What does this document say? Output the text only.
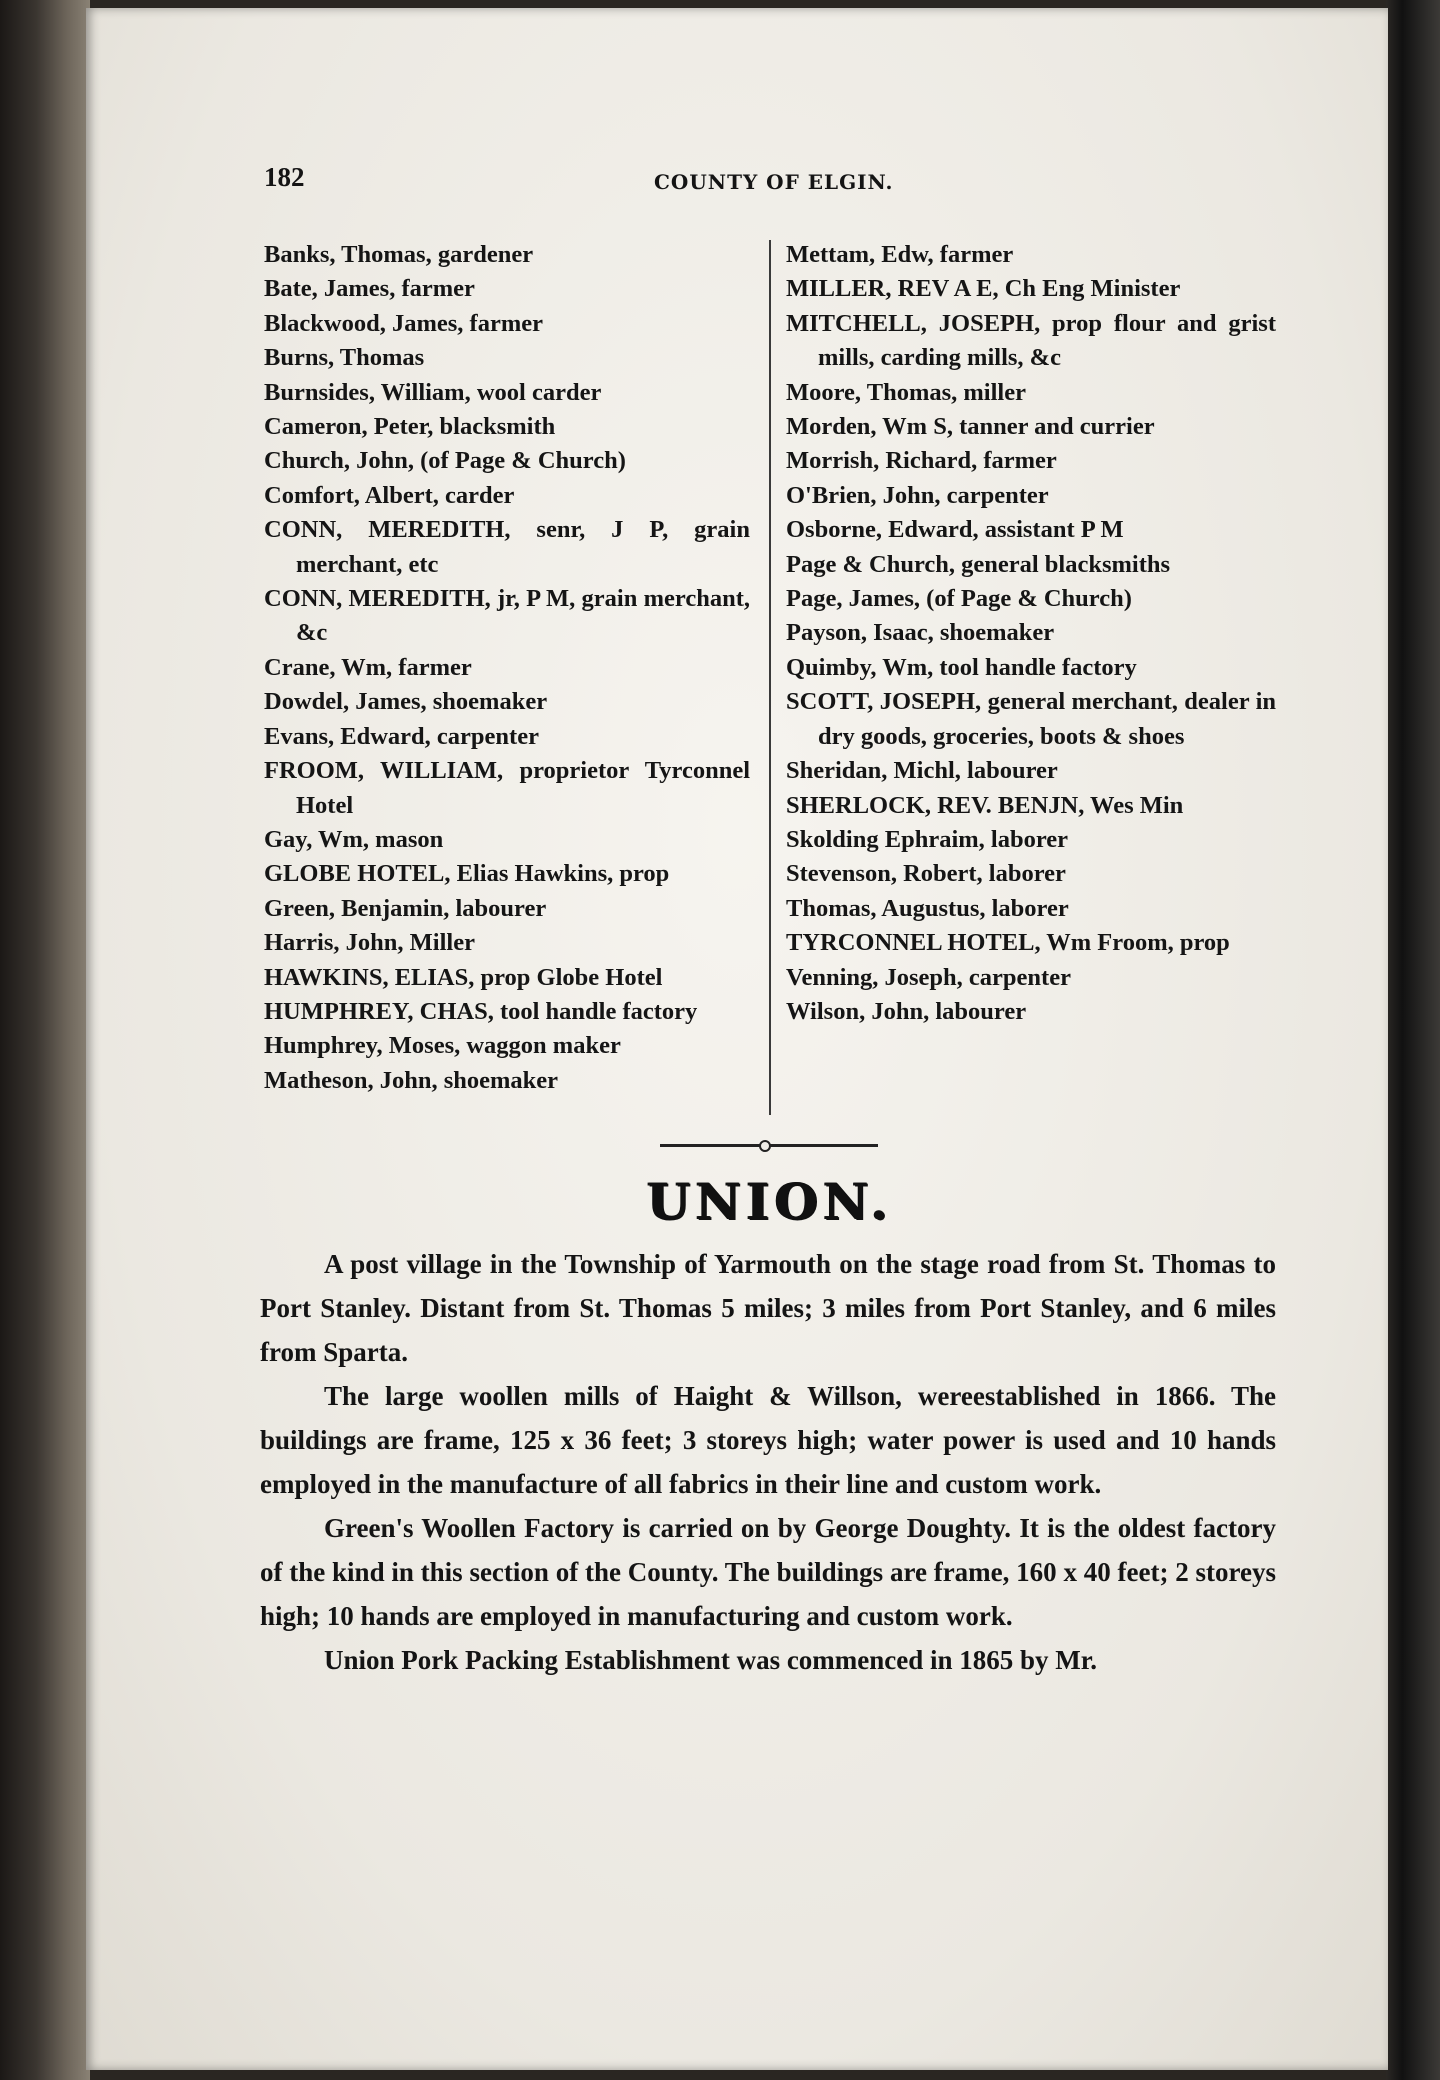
182	COUNTY OF ELGIN.

Banks, Thomas, gardener

Bate, James, farmer

Blackwood, James, farmer

Burns, Thomas

Burnsides, William, wool carder

Cameron, Peter, blacksmith

Church, John, (of Page & Church)

Comfort, Albert, carder

CONN, MEREDITH, senr, J P, grain merchant, etc

CONN, MEREDITH, jr, P M, grain merchant, &c

Crane, Wm, farmer

Dowdel, James, shoemaker

Evans, Edward, carpenter

FROOM, WILLIAM, proprietor Tyrconnel Hotel

Gay, Wm, mason

GLOBE HOTEL, Elias Hawkins, prop

Green, Benjamin, labourer

Harris, John, Miller

HAWKINS, ELIAS, prop Globe Hotel

HUMPHREY, CHAS, tool handle factory

Humphrey, Moses, waggon maker

Matheson, John, shoemaker

Mettam, Edw, farmer

MILLER, REV A E, Ch Eng Minister

MITCHELL, JOSEPH, prop flour and grist mills, carding mills, &c

Moore, Thomas, miller

Morden, Wm S, tanner and currier

Morrish, Richard, farmer

O'Brien, John, carpenter

Osborne, Edward, assistant P M

Page & Church, general blacksmiths

Page, James, (of Page & Church)

Payson, Isaac, shoemaker

Quimby, Wm, tool handle factory

SCOTT, JOSEPH, general merchant, dealer in dry goods, groceries, boots & shoes

Sheridan, Michl, labourer

SHERLOCK, REV. BENJN, Wes Min

Skolding Ephraim, laborer

Stevenson, Robert, laborer

Thomas, Augustus, laborer

TYRCONNEL HOTEL, Wm Froom, prop

Venning, Joseph, carpenter

Wilson, John, labourer

UNION.

A post village in the Township of Yarmouth on the stage road from St. Thomas to Port Stanley. Distant from St. Thomas 5 miles; 3 miles from Port Stanley, and 6 miles from Sparta.

The large woollen mills of Haight & Willson, wereestablished in 1866. The buildings are frame, 125 x 36 feet; 3 storeys high; water power is used and 10 hands employed in the manufacture of all fabrics in their line and custom work.

Green's Woollen Factory is carried on by George Doughty. It is the oldest factory of the kind in this section of the County. The buildings are frame, 160 x 40 feet; 2 storeys high; 10 hands are employed in manufacturing and custom work.

Union Pork Packing Establishment was commenced in 1865 by Mr.
